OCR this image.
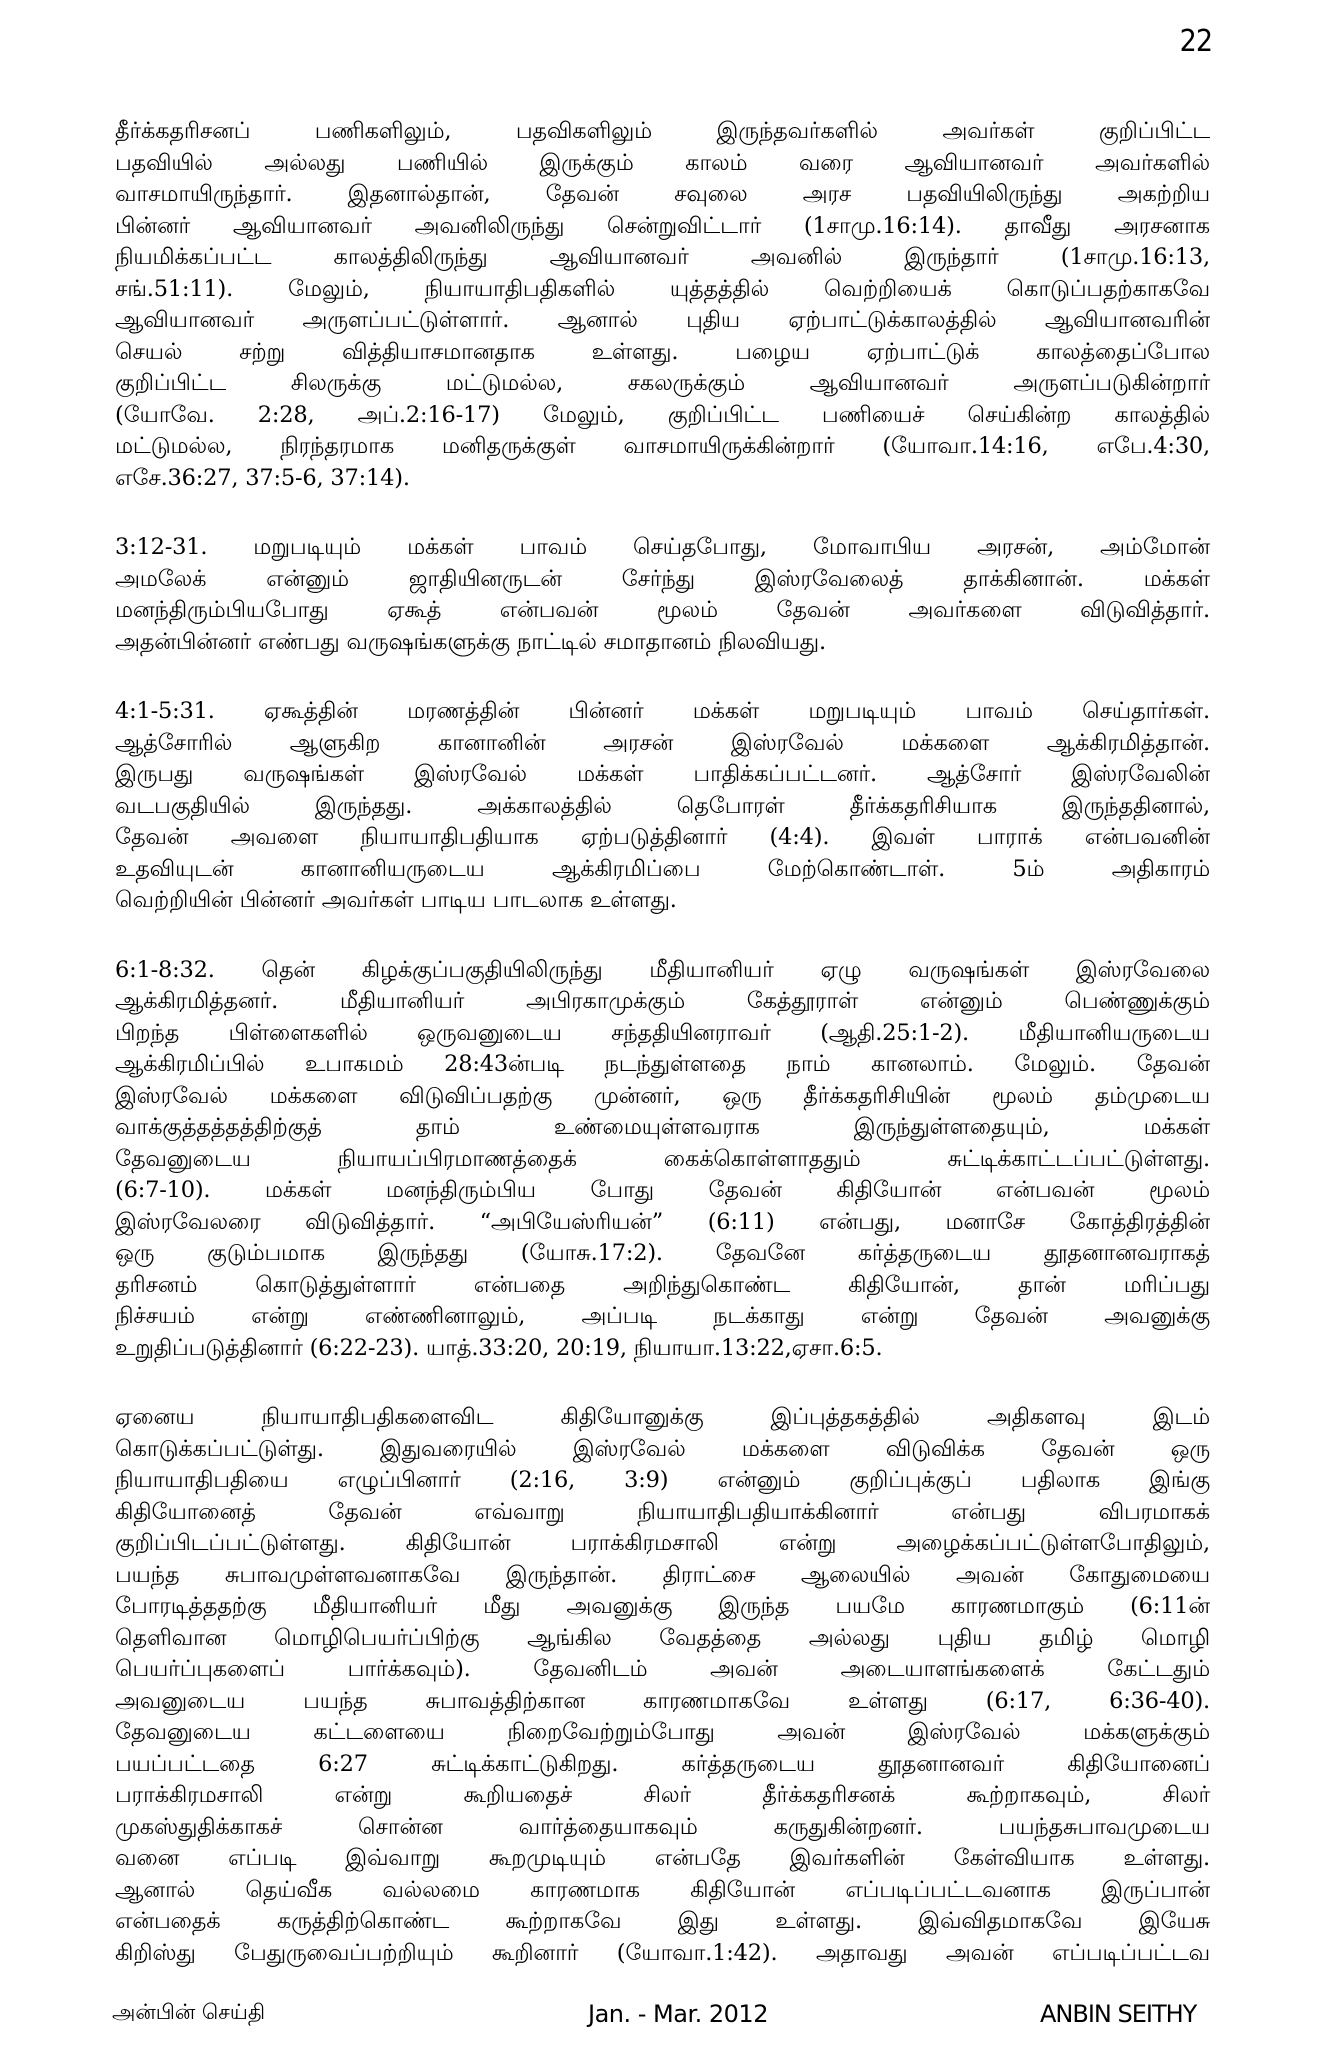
22
தீர்க்கதரிசனப் பணிகளிலும், பதவிகளிலும் இருந்தவர்களில் அவர்கள் குறிப்பிட்ட
பதவியில் அல்லது பணியில் இருக்கும் காலம் வரை ஆவியானவர் அவர்களில்
வாசமாயிருந்தார். இதனால்தான், தேவன் சவுலை அரச பதவியிலிருந்து அகற்றிய
பின்னர் ஆவியானவர் அவனிலிருந்து சென்றுவிட்டார் (1சாமு.16:14). தாவீது அரசனாக
நியமிக்கப்பட்ட காலத்திலிருந்து ஆவியானவர் அவனில் இருந்தார் (1சாமு.16:13,
சங்.51:11). மேலும், நியாயாதிபதிகளில் யுத்தத்தில் வெற்றியைக் கொடுப்பதற்காகவே
ஆவியானவர் அருளப்பட்டுள்ளார். ஆனால் புதிய ஏற்பாட்டுக்காலத்தில் ஆவியானவரின்
செயல் சற்று வித்தியாசமானதாக உள்ளது. பழைய ஏற்பாட்டுக் காலத்தைப்போல
குறிப்பிட்ட சிலருக்கு மட்டுமல்ல, சகலருக்கும் ஆவியானவர் அருளப்படுகின்றார்
(யோவே. 2:28, அப்.2:16-17) மேலும், குறிப்பிட்ட பணியைச் செய்கின்ற காலத்தில்
மட்டுமல்ல, நிரந்தரமாக மனிதருக்குள் வாசமாயிருக்கின்றார் (யோவா.14:16, எபே.4:30,
எசே.36:27, 37:5-6, 37:14).
3:12-31. மறுபடியும் மக்கள் பாவம் செய்தபோது, மோவாபிய அரசன், அம்மோன்
அமலேக் என்னும் ஜாதியினருடன் சேர்ந்து இஸ்ரவேலைத் தாக்கினான். மக்கள்
மனந்திரும்பியபோது ஏகூத் என்பவன் மூலம் தேவன் அவர்களை விடுவித்தார்.
அதன்பின்னர் எண்பது வருஷங்களுக்கு நாட்டில் சமாதானம் நிலவியது.
4:1-5:31. ஏகூத்தின் மரணத்தின் பின்னர் மக்கள் மறுபடியும் பாவம் செய்தார்கள்.
ஆத்சோரில் ஆளுகிற கானானின் அரசன் இஸ்ரவேல் மக்களை ஆக்கிரமித்தான்.
இருபது வருஷங்கள் இஸ்ரவேல் மக்கள் பாதிக்கப்பட்டனர். ஆத்சோர் இஸ்ரவேலின்
வடபகுதியில் இருந்தது. அக்காலத்தில் தெபோரள் தீர்க்கதரிசியாக இருந்ததினால்,
தேவன் அவளை நியாயாதிபதியாக ஏற்படுத்தினார் (4:4). இவள் பாராக் என்பவனின்
உதவியுடன் கானானியருடைய ஆக்கிரமிப்பை மேற்கொண்டாள். 5ம் அதிகாரம்
வெற்றியின் பின்னர் அவர்கள் பாடிய பாடலாக உள்ளது.
6:1-8:32. தென் கிழக்குப்பகுதியிலிருந்து மீதியானியர் ஏழு வருஷங்கள் இஸ்ரவேலை
ஆக்கிரமித்தனர். மீதியானியர் அபிரகாமுக்கும் கேத்தூராள் என்னும் பெண்ணுக்கும்
பிறந்த பிள்ளைகளில் ஒருவனுடைய சந்ததியினராவர் (ஆதி.25:1-2). மீதியானியருடைய
ஆக்கிரமிப்பில் உபாகமம் 28:43ன்படி நடந்துள்ளதை நாம் கானலாம். மேலும். தேவன்
இஸ்ரவேல் மக்களை விடுவிப்பதற்கு முன்னர், ஒரு தீர்க்கதரிசியின் மூலம் தம்முடைய
வாக்குத்தத்தத்திற்குத் தாம் உண்மையுள்ளவராக இருந்துள்ளதையும், மக்கள்
தேவனுடைய நியாயப்பிரமாணத்தைக் கைக்கொள்ளாததும் சுட்டிக்காட்டப்பட்டுள்ளது.
(6:7-10). மக்கள் மனந்திரும்பிய போது தேவன் கிதியோன் என்பவன் மூலம்
இஸ்ரவேலரை விடுவித்தார். “அபியேஸ்ரியன்” (6:11) என்பது, மனாசே கோத்திரத்தின்
ஒரு குடும்பமாக இருந்தது (யோசு.17:2). தேவனே கர்த்தருடைய தூதனானவராகத்
தரிசனம் கொடுத்துள்ளார் என்பதை அறிந்துகொண்ட கிதியோன், தான் மரிப்பது
நிச்சயம் என்று எண்ணினாலும், அப்படி நடக்காது என்று தேவன் அவனுக்கு
உறுதிப்படுத்தினார் (6:22-23). யாத்.33:20, 20:19, நியாயா.13:22,ஏசா.6:5.
ஏனைய நியாயாதிபதிகளைவிட கிதியோனுக்கு இப்புத்தகத்தில் அதிகளவு இடம்
கொடுக்கப்பட்டுள்து. இதுவரையில் இஸ்ரவேல் மக்களை விடுவிக்க தேவன் ஒரு
நியாயாதிபதியை எழுப்பினார் (2:16, 3:9) என்னும் குறிப்புக்குப் பதிலாக இங்கு
கிதியோனைத் தேவன் எவ்வாறு நியாயாதிபதியாக்கினார் என்பது விபரமாகக்
குறிப்பிடப்பட்டுள்ளது. கிதியோன் பராக்கிரமசாலி என்று அழைக்கப்பட்டுள்ளபோதிலும்,
பயந்த சுபாவமுள்ளவனாகவே இருந்தான். திராட்சை ஆலையில் அவன் கோதுமையை
போரடித்ததற்கு மீதியானியர் மீது அவனுக்கு இருந்த பயமே காரணமாகும் (6:11ன்
தெளிவான மொழிபெயர்ப்பிற்கு ஆங்கில வேதத்தை அல்லது புதிய தமிழ் மொழி
பெயர்ப்புகளைப் பார்க்கவும்). தேவனிடம் அவன் அடையாளங்களைக் கேட்டதும்
அவனுடைய பயந்த சுபாவத்திற்கான காரணமாகவே உள்ளது (6:17, 6:36-40).
தேவனுடைய கட்டளையை நிறைவேற்றும்போது அவன் இஸ்ரவேல் மக்களுக்கும்
பயப்பட்டதை 6:27 சுட்டிக்காட்டுகிறது. கர்த்தருடைய தூதனானவர் கிதியோனைப்
பராக்கிரமசாலி என்று கூறியதைச் சிலர் தீர்க்கதரிசனக் கூற்றாகவும், சிலர்
முகஸ்துதிக்காகச் சொன்ன வார்த்தையாகவும் கருதுகின்றனர். பயந்தசுபாவமுடைய
வனை எப்படி இவ்வாறு கூறமுடியும் என்பதே இவர்களின் கேள்வியாக உள்ளது.
ஆனால் தெய்வீக வல்லமை காரணமாக கிதியோன் எப்படிப்பட்டவனாக இருப்பான்
என்பதைக் கருத்திற்கொண்ட கூற்றாகவே இது உள்ளது. இவ்விதமாகவே இயேசு
கிறிஸ்து பேதுருவைப்பற்றியும் கூறினார் (யோவா.1:42). அதாவது அவன் எப்படிப்பட்டவ
அன்பின் செய்தி	Jan. - Mar. 2012	ANBIN SEITHY
